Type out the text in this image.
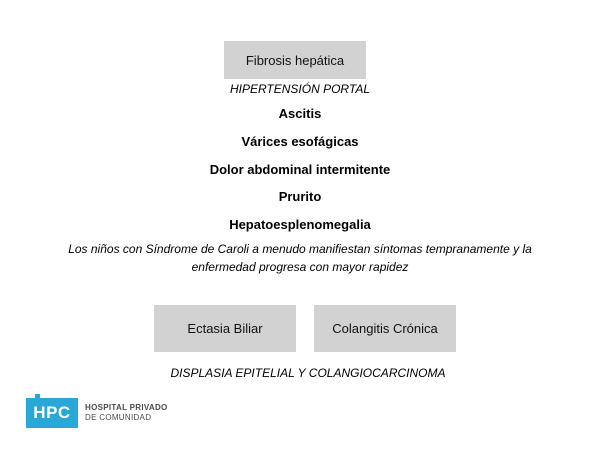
Fibrosis hepática
HIPERTENSIÓN PORTAL
Ascitis
Várices esofágicas
Dolor abdominal intermitente
Prurito
Hepatoesplenomegalia
Los niños con Síndrome de Caroli a menudo manifiestan síntomas tempranamente y la enfermedad progresa con mayor rapidez
Ectasia Biliar	Colangitis Crónica
DISPLASIA EPITELIAL Y COLANGIOCARCINOMA
HPC HOSPITAL PRIVADO
DE COMUNIDAD
